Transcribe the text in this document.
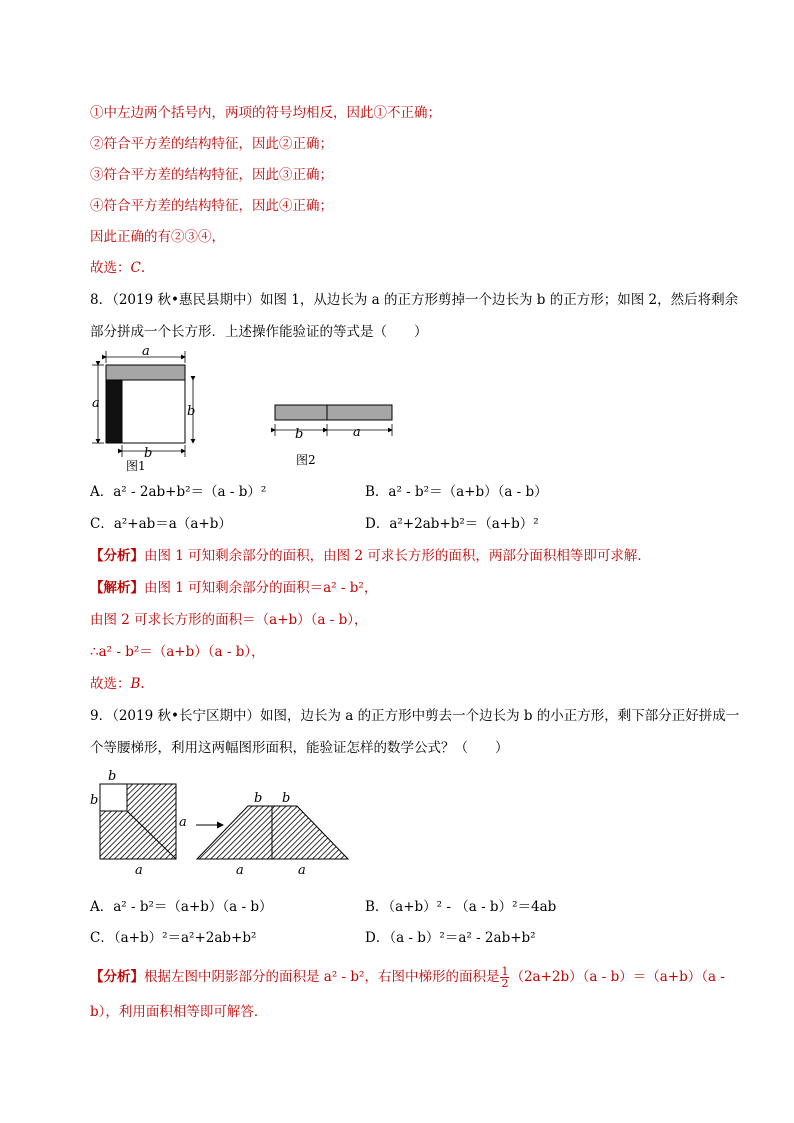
①中左边两个括号内，两项的符号均相反，因此①不正确；
②符合平方差的结构特征，因此②正确；
③符合平方差的结构特征，因此③正确；
④符合平方差的结构特征，因此④正确；
因此正确的有②③④，
故选：C.
8．（2019 秋•惠民县期中）如图 1，从边长为 a 的正方形剪掉一个边长为 b 的正方形；如图 2，然后将剩余
部分拼成一个长方形．上述操作能验证的等式是（　　）
a
a
b
b
图1
b	a
图2
A．a² - 2ab+b²＝（a - b）²	B．a² - b²＝（a+b）（a - b）
C．a²+ab＝a（a+b）	D．a²+2ab+b²＝（a+b）²
【分析】由图 1 可知剩余部分的面积，由图 2 可求长方形的面积，两部分面积相等即可求解．
【解析】由图 1 可知剩余部分的面积＝a² - b²，
由图 2 可求长方形的面积＝（a+b）（a - b），
∴a² - b²＝（a+b）（a - b），
故选：B.
9．（2019 秋•长宁区期中）如图，边长为 a 的正方形中剪去一个边长为 b 的小正方形，剩下部分正好拼成一
个等腰梯形，利用这两幅图形面积，能验证怎样的数学公式？（　　）
b
b
a
a
b b
a	a
A．a² - b²＝（a+b）（a - b）	B．（a+b）² - （a - b）²＝4ab
C．（a+b）²＝a²+2ab+b²	D．（a - b）²＝a² - 2ab+b²
【分析】根据左图中阴影部分的面积是 a² - b²，右图中梯形的面积是 $\frac{1}{2} (2a+2b)(a - b)=(a+b)(a$ -
b），利用面积相等即可解答．
